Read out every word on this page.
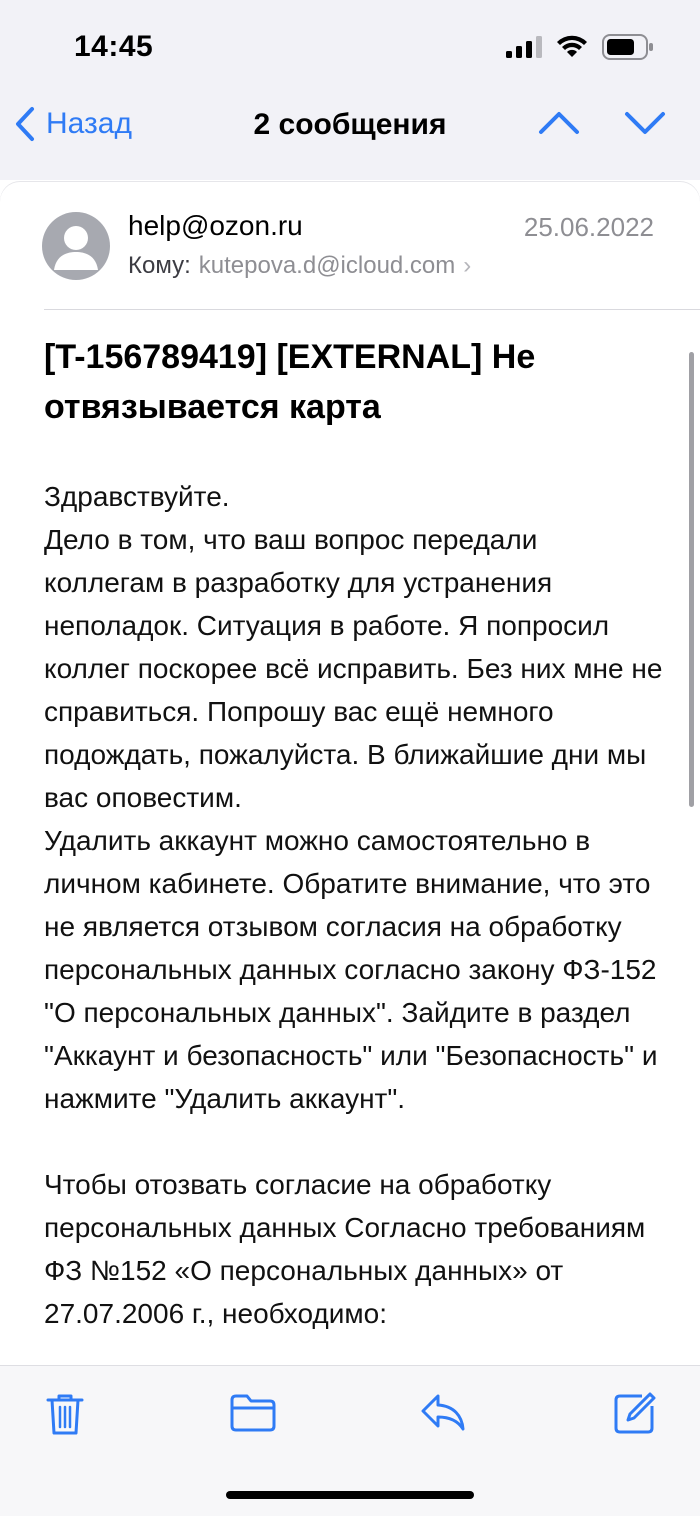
14:45
Назад	2 сообщения
help@ozon.ru	25.06.2022
Кому: kutepova.d@icloud.com ›
[T-156789419] [EXTERNAL] Не отвязывается карта

Здравствуйте.

Дело в том, что ваш вопрос передали коллегам в разработку для устранения неполадок. Ситуация в работе. Я попросил коллег поскорее всё исправить. Без них мне не справиться. Попрошу вас ещё немного подождать, пожалуйста. В ближайшие дни мы вас оповестим.

Удалить аккаунт можно самостоятельно в личном кабинете. Обратите внимание, что это не является отзывом согласия на обработку персональных данных согласно закону ФЗ-152 "О персональных данных". Зайдите в раздел "Аккаунт и безопасность" или "Безопасность" и нажмите "Удалить аккаунт".

Чтобы отозвать согласие на обработку персональных данных Согласно требованиям ФЗ №152 «О персональных данных» от 27.07.2006 г., необходимо:
